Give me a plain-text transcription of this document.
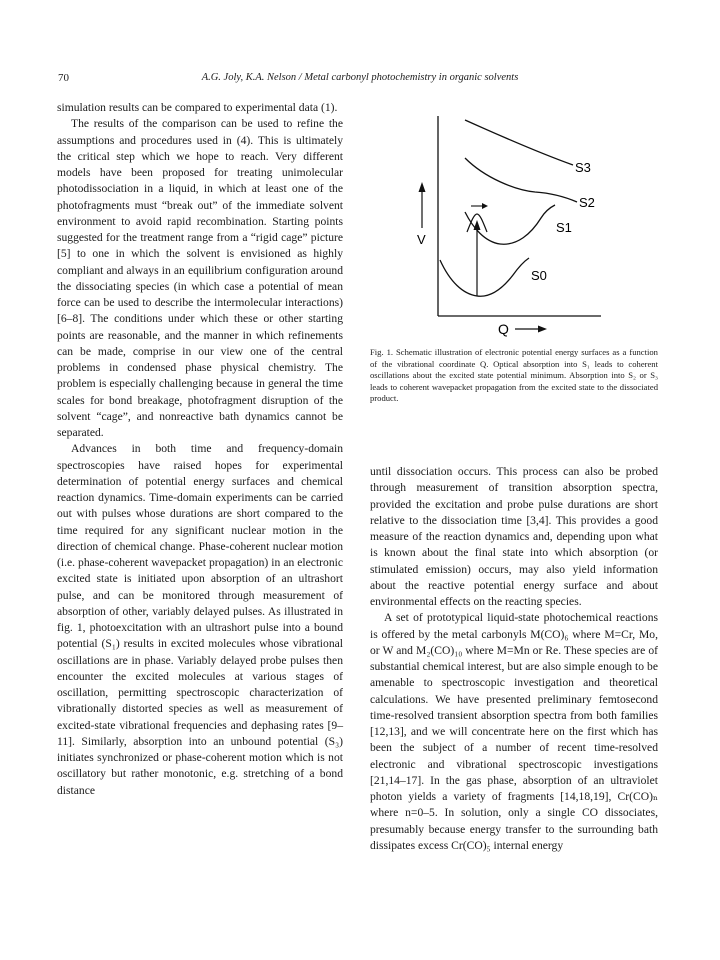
70	A.G. Joly, K.A. Nelson / Metal carbonyl photochemistry in organic solvents

simulation results can be compared to experimental data (1).

The results of the comparison can be used to refine the assumptions and procedures used in (4). This is ultimately the critical step which we hope to reach. Very different models have been proposed for treating unimolecular photodissociation in a liquid, in which at least one of the photofragments must “break out” of the immediate solvent environment to avoid rapid recombination. Starting points suggested for the treatment range from a “rigid cage” picture [5] to one in which the solvent is envisioned as highly compliant and always in an equilibrium configuration around the dissociating species (in which case a potential of mean force can be used to describe the intermolecular interactions) [6–8]. The conditions under which these or other starting points are reasonable, and the manner in which refinements can be made, comprise in our view one of the central problems in condensed phase physical chemistry. The problem is especially challenging because in general the time scales for bond breakage, photofragment disruption of the solvent “cage”, and nonreactive bath dynamics cannot be separated.

Advances in both time and frequency-domain spectroscopies have raised hopes for experimental determination of potential energy surfaces and chemical reaction dynamics. Time-domain experiments can be carried out with pulses whose durations are short compared to the time required for any significant nuclear motion in the direction of chemical change. Phase-coherent nuclear motion (i.e. phase-coherent wavepacket propagation) in an electronic excited state is initiated upon absorption of an ultrashort pulse, and can be monitored through measurement of absorption of other, variably delayed pulses. As illustrated in fig. 1, photoexcitation with an ultrashort pulse into a bound potential (S₁) results in excited molecules whose vibrational oscillations are in phase. Variably delayed probe pulses then encounter the excited molecules at various stages of oscillation, permitting spectroscopic characterization of vibrationally distorted species as well as measurement of excited-state vibrational frequencies and dephasing rates [9–11]. Similarly, absorption into an unbound potential (S₃) initiates synchronized or phase-coherent motion which is not oscillatory but rather monotonic, e.g. stretching of a bond distance

V
S3
S2
S1
S0
Q
Fig. 1. Schematic illustration of electronic potential energy surfaces as a function of the vibrational coordinate Q. Optical absorption into S₁ leads to coherent oscillations about the excited state potential minimum. Absorption into S₂ or S₃ leads to coherent wavepacket propagation from the excited state to the dissociated product.

until dissociation occurs. This process can also be probed through measurement of transition absorption spectra, provided the excitation and probe pulse durations are short relative to the dissociation time [3,4]. This provides a good measure of the reaction dynamics and, depending upon what is known about the final state into which absorption (or stimulated emission) occurs, may also yield information about the reactive potential energy surface and about environmental effects on the reacting species.

A set of prototypical liquid-state photochemical reactions is offered by the metal carbonyls M(CO)₆ where M=Cr, Mo, or W and M₂(CO)₁₀ where M=Mn or Re. These species are of substantial chemical interest, but are also simple enough to be amenable to spectroscopic investigation and theoretical calculations. We have presented preliminary femtosecond time-resolved transient absorption spectra from both families [12,13], and we will concentrate here on the first which has been the subject of a number of recent time-resolved electronic and vibrational spectroscopic investigations [21,14–17]. In the gas phase, absorption of an ultraviolet photon yields a variety of fragments [14,18,19], Cr(CO)ₙ where n=0–5. In solution, only a single CO dissociates, presumably because energy transfer to the surrounding bath dissipates excess Cr(CO)₅ internal energy
